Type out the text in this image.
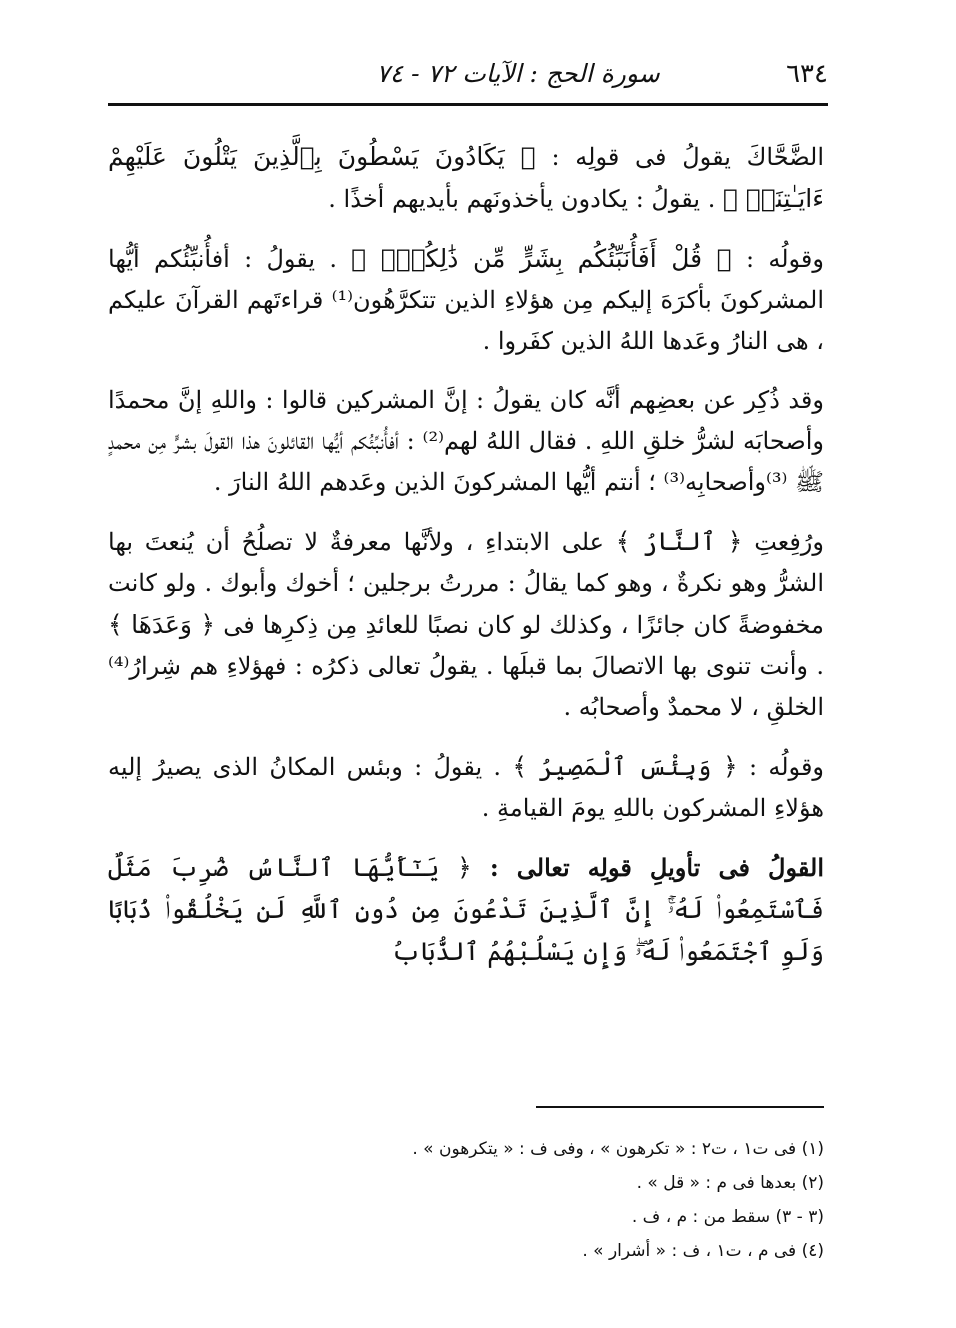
٦٣٤
سورة الحج : الآيات ٧٢ - ٧٤

الضَّحَّاكَ يقولُ فى قولِه : ﴿ يَكَادُونَ يَسْطُونَ بِٱلَّذِينَ يَتْلُونَ عَلَيْهِمْ ءَايَـٰتِنَاۗ ﴾ . يقولُ : يكادون يأخذونَهم بأيديهم أخذًا .

وقولُه : ﴿ قُلْ أَفَأُنَبِّئُكُم بِشَرٍّ مِّن ذَٰلِكُمُۚ ﴾ . يقولُ : أفأُنبِّئُكم أيُّها المشركونَ بأكرَهَ إليكم مِن هؤلاءِ الذين تتكرَّهُون⁽¹⁾ قراءتَهم القرآنَ عليكم ، هى النارُ وعَدها اللهُ الذين كفَروا .

وقد ذُكِر عن بعضِهم أنَّه كان يقولُ : إنَّ المشركين قالوا : واللهِ إنَّ محمدًا وأصحابَه لشرُّ خلقِ اللهِ . فقال اللهُ لهم⁽²⁾ : أفأُنبِّئُكم أيُّها القائلونَ هذا القولَ بشرٍّ مِن محمدٍ ﷺ ⁽³⁾وأصحابِه⁽³⁾ ؛ أنتم أيُّها المشركونَ الذين وعَدهم اللهُ النارَ .

ورُفِعتِ ﴿ ٱلنَّارُ ﴾ على الابتداءِ ، ولأنَّها معرفةٌ لا تصلُحُ أن يُنعتَ بها الشرُّ وهو نكرةٌ ، وهو كما يقالُ : مررتُ برجلين ؛ أخوك وأبوك . ولو كانت مخفوضةً كان جائزًا ، وكذلك لو كان نصبًا للعائدِ مِن ذِكرِها فى ﴿ وَعَدَهَا ﴾ . وأنت تنوى بها الاتصالَ بما قبلَها . يقولُ تعالى ذكرُه : فهؤلاءِ هم شِرارُ⁽⁴⁾ الخلقِ ، لا محمدٌ وأصحابُه .

وقولُه : ﴿ وَبِئْسَ ٱلْمَصِيرُ ﴾ . يقولُ : وبئس المكانُ الذى يصيرُ إليه هؤلاءِ المشركون باللهِ يومَ القيامةِ .

القولُ فى تأويلِ قولِه تعالى : ﴿ يَـٰٓأَيُّهَا ٱلنَّاسُ ضُرِبَ مَثَلٌ فَٱسْتَمِعُوا۟ لَهُۥٓۚ إِنَّ ٱلَّذِينَ تَدْعُونَ مِن دُونِ ٱللَّهِ لَن يَخْلُقُوا۟ ذُبَابًا وَلَوِ ٱجْتَمَعُوا۟ لَهُۥۖ وَإِن يَسْلُبْهُمُ ٱلذُّبَابُ

(١) فى ت١ ، ت٢ : « تكرهون » ، وفى ف : « يتكرهون » .
(٢) بعدها فى م : « قل » .
(٣ - ٣) سقط من : م ، ف .
(٤) فى م ، ت١ ، ف : « أشرار » .
